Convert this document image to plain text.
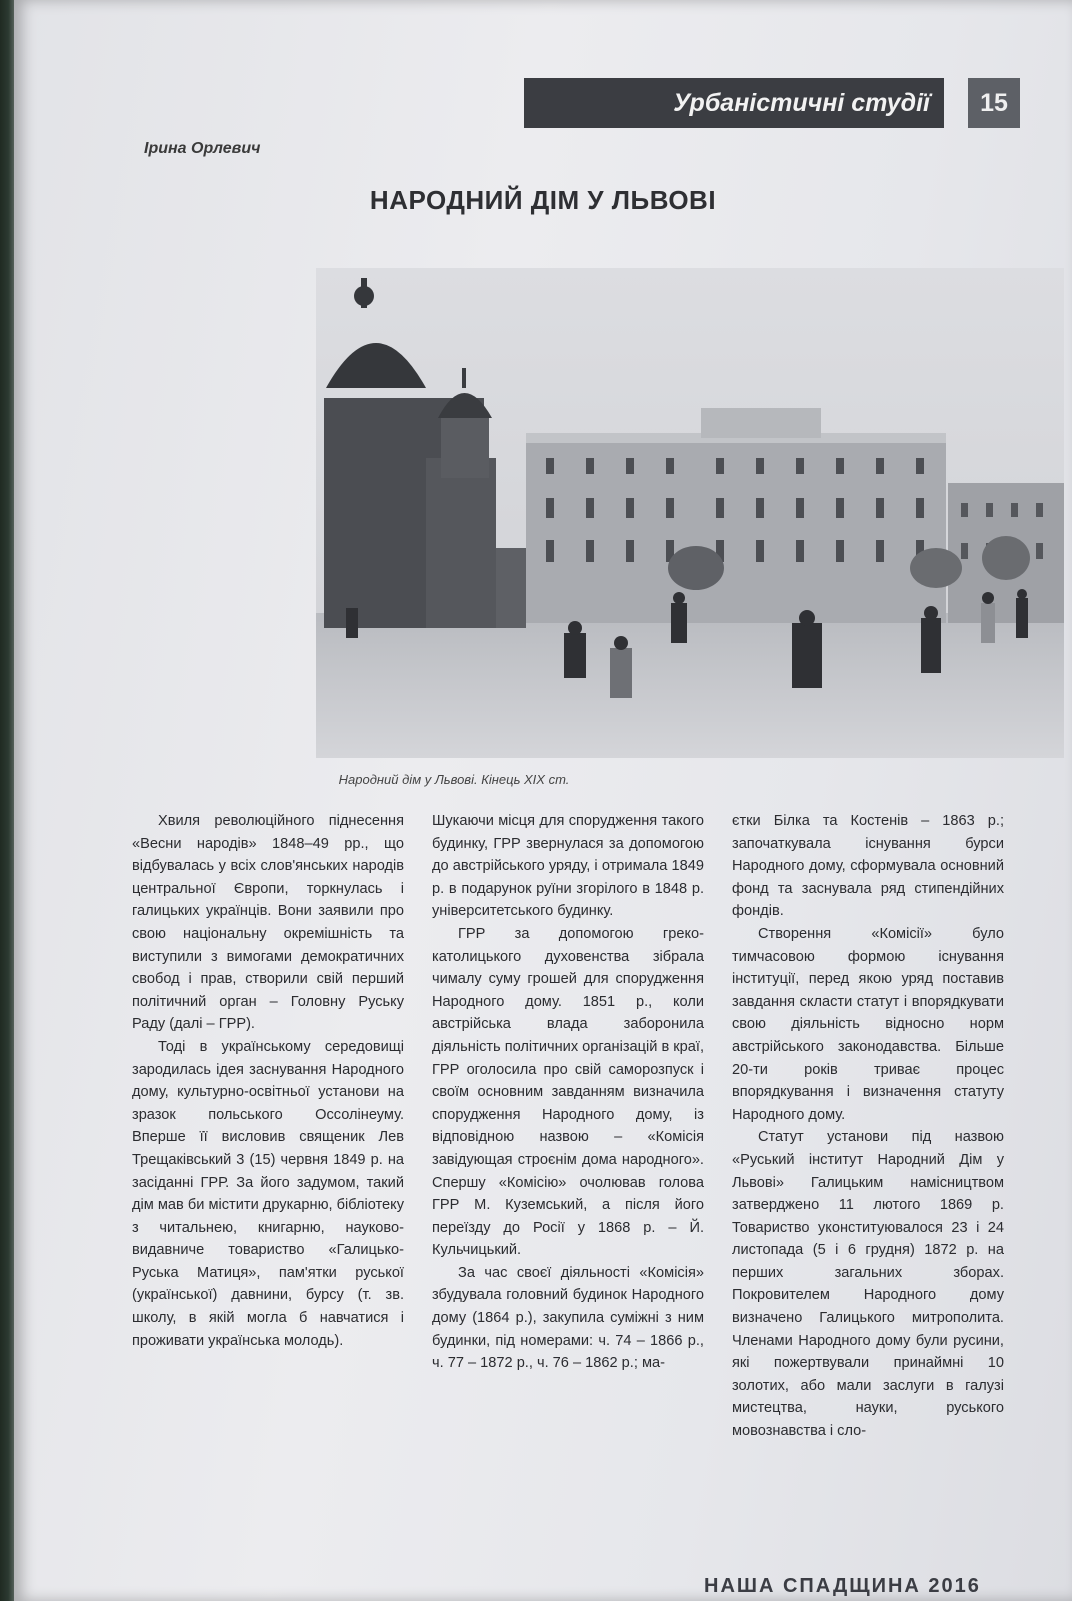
Урбаністичні студії	15
Ірина Орлевич
НАРОДНИЙ ДІМ У ЛЬВОВІ
Народний дім у Львові. Кінець XIX ст.

Хвиля революційного піднесення «Весни народів» 1848–49 рр., що відбувалась у всіх слов'янських народів центральної Європи, торкнулась і галицьких українців. Вони заявили про свою національну окремішність та виступили з вимогами демократичних свобод і прав, створили свій перший політичний орган – Головну Руську Раду (далі – ГРР).

Тоді в українському середовищі зародилась ідея заснування Народного дому, культурно-освітньої установи на зразок польського Оссолінеуму. Вперше її висловив священик Лев Трещаківський 3 (15) червня 1849 р. на засіданні ГРР. За його задумом, такий дім мав би містити друкарню, бібліотеку з читальнею, книгарню, науково-видавниче товариство «Галицько-Руська Матиця», пам'ятки руської (української) давнини, бурсу (т. зв. школу, в якій могла б навчатися і проживати українська молодь).

Шукаючи місця для спорудження такого будинку, ГРР звернулася за допомогою до австрійського уряду, і отримала 1849 р. в подарунок руїни згорілого в 1848 р. університетського будинку.

ГРР за допомогою греко-католицького духовенства зібрала чималу суму грошей для спорудження Народного дому. 1851 р., коли австрійська влада заборонила діяльність політичних організацій в краї, ГРР оголосила про свій саморозпуск і своїм основним завданням визначила спорудження Народного дому, із відповідною назвою – «Комісія завідующая строєнім дома народного». Спершу «Комісію» очолював голова ГРР М. Куземський, а після його переїзду до Росії у 1868 р. – Й. Кульчицький.

За час своєї діяльності «Комісія» збудувала головний будинок Народного дому (1864 р.), закупила суміжні з ним будинки, під номерами: ч. 74 – 1866 р., ч. 77 – 1872 р., ч. 76 – 1862 р.; ма-

єтки Білка та Костенів – 1863 р.; започаткувала існування бурси Народного дому, сформувала основний фонд та заснувала ряд стипендійних фондів.

Створення «Комісії» було тимчасовою формою існування інституції, перед якою уряд поставив завдання скласти статут і впорядкувати свою діяльність відносно норм австрійського законодавства. Більше 20-ти років триває процес впорядкування і визначення статуту Народного дому.

Статут установи під назвою «Руський інститут Народний Дім у Львові» Галицьким намісництвом затверджено 11 лютого 1869 р. Товариство уконституювалося 23 і 24 листопада (5 і 6 грудня) 1872 р. на перших загальних зборах. Покровителем Народного дому визначено Галицького митрополита. Членами Народного дому були русини, які пожертвували принаймні 10 золотих, або мали заслуги в галузі мистецтва, науки, руського мовознавства і сло-

НАША СПАДЩИНА 2016
